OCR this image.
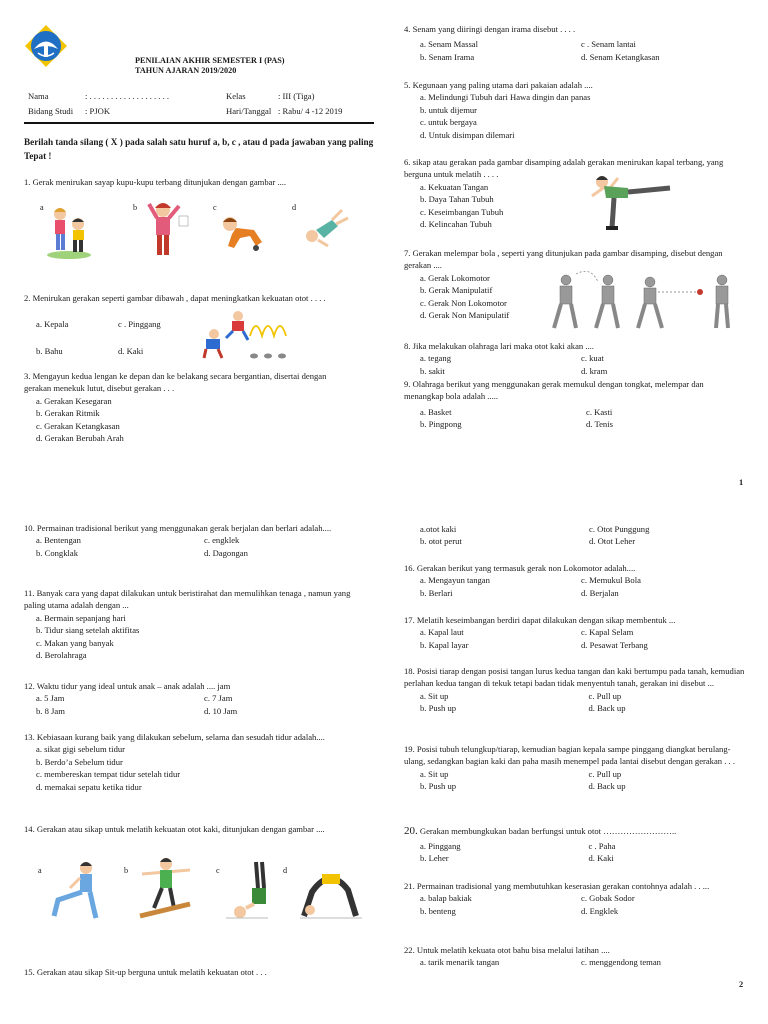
PENILAIAN AKHIR SEMESTER I (PAS)
TAHUN AJARAN 2019/2020
Nama	: . . . . . . . . . . . . . . . . . . .	Kelas	: III (Tiga)
Bidang Studi : PJOK	Hari/Tanggal : Rabu/ 4 -12 2019
Berilah tanda silang ( X ) pada salah satu huruf a, b, c , atau d pada jawaban yang paling Tepat !
1. Gerak menirukan sayap kupu-kupu terbang ditunjukan dengan gambar ....
a	b	c	d
2. Menirukan gerakan seperti gambar dibawah , dapat meningkatkan kekuatan otot . . . .
a. Kepala	c . Pinggang
b. Bahu	d. Kaki
3. Mengayun kedua lengan ke depan dan ke belakang secara bergantian, disertai dengan gerakan menekuk lutut, disebut gerakan . . .
a. Gerakan Kesegaran
b. Gerakan Ritmik
c. Gerakan Ketangkasan
d. Gerakan Berubah Arah
4. Senam yang diiringi dengan irama disebut . . . .
a. Senam Massal	c . Senam lantai
b. Senam Irama	d. Senam Ketangkasan
5. Kegunaan yang paling utama dari pakaian adalah ....
a. Melindungi Tubuh dari Hawa dingin dan panas
b. untuk dijemur
c. untuk bergaya
d. Untuk disimpan dilemari
6. sikap atau gerakan pada gambar disamping adalah gerakan menirukan kapal terbang, yang berguna untuk melatih . . . .
a. Kekuatan Tangan
b. Daya Tahan Tubuh
c. Keseimbangan Tubuh
d. Kelincahan Tubuh
7. Gerakan melempar bola , seperti yang ditunjukan pada gambar disamping, disebut dengan gerakan ....
a. Gerak Lokomotor
b. Gerak Manipulatif
c. Gerak Non Lokomotor
d. Gerak Non Manipulatif
8. Jika melakukan olahraga lari maka otot kaki akan ....
a. tegang	c. kuat
b. sakit	d. kram
9. Olahraga berikut yang menggunakan gerak memukul dengan tongkat, melempar dan menangkap bola adalah .....
a. Basket	c. Kasti
b. Pingpong	d. Tenis
1
10. Permainan tradisional berikut yang menggunakan gerak berjalan dan berlari adalah....
a. Bentengan	c. engklek
b. Congklak	d. Dagongan
11. Banyak cara yang dapat dilakukan untuk beristirahat dan memulihkan tenaga , namun yang paling utama adalah dengan ...
a. Bermain sepanjang hari
b. Tidur siang setelah aktifitas
c. Makan yang banyak
d. Berolahraga
12. Waktu tidur yang ideal untuk anak – anak adalah .... jam
a. 5 Jam	c. 7 Jam
b. 8 Jam	d. 10 Jam
13. Kebiasaan kurang baik yang dilakukan sebelum, selama dan sesudah tidur adalah....
a. sikat gigi sebelum tidur
b. Berdo’a Sebelum tidur
c. membereskan tempat tidur setelah tidur
d. memakai sepatu ketika tidur
14. Gerakan atau sikap untuk melatih kekuatan otot kaki, ditunjukan dengan gambar ....
a	b	c	d
15. Gerakan atau sikap Sit-up berguna untuk melatih kekuatan otot . . .
a.otot kaki	c. Otot Punggung
b. otot perut	d. Otot Leher
16. Gerakan berikut yang termasuk gerak non Lokomotor adalah....
a. Mengayun tangan	c. Memukul Bola
b. Berlari	d. Berjalan
17. Melatih keseimbangan berdiri dapat dilakukan dengan sikap membentuk ...
a. Kapal laut	c. Kapal Selam
b. Kapal layar	d. Pesawat Terbang
18. Posisi tiarap dengan posisi tangan lurus kedua tangan dan kaki bertumpu pada tanah, kemudian perlahan kedua tangan di tekuk tetapi badan tidak menyentuh tanah, gerakan ini disebut ...
a. Sit up	c. Pull up
b. Push up	d. Back up
19. Posisi tubuh telungkup/tiarap, kemudian bagian kepala sampe pinggang diangkat berulang-ulang, sedangkan bagian kaki dan paha masih menempel pada lantai disebut dengan gerakan . . .
a. Sit up	c. Pull up
b. Push up	d. Back up
20. Gerakan membungkukan badan berfungsi untuk otot ……………………..
a. Pinggang	c . Paha
b. Leher	d. Kaki
21. Permainan tradisional yang membutuhkan keserasian gerakan contohnya adalah . . ...
a. balap bakiak	c. Gobak Sodor
b. benteng	d. Engklek
22. Untuk melatih kekuata otot bahu bisa melalui latihan ....
a. tarik menarik tangan	c. menggendong teman
2
